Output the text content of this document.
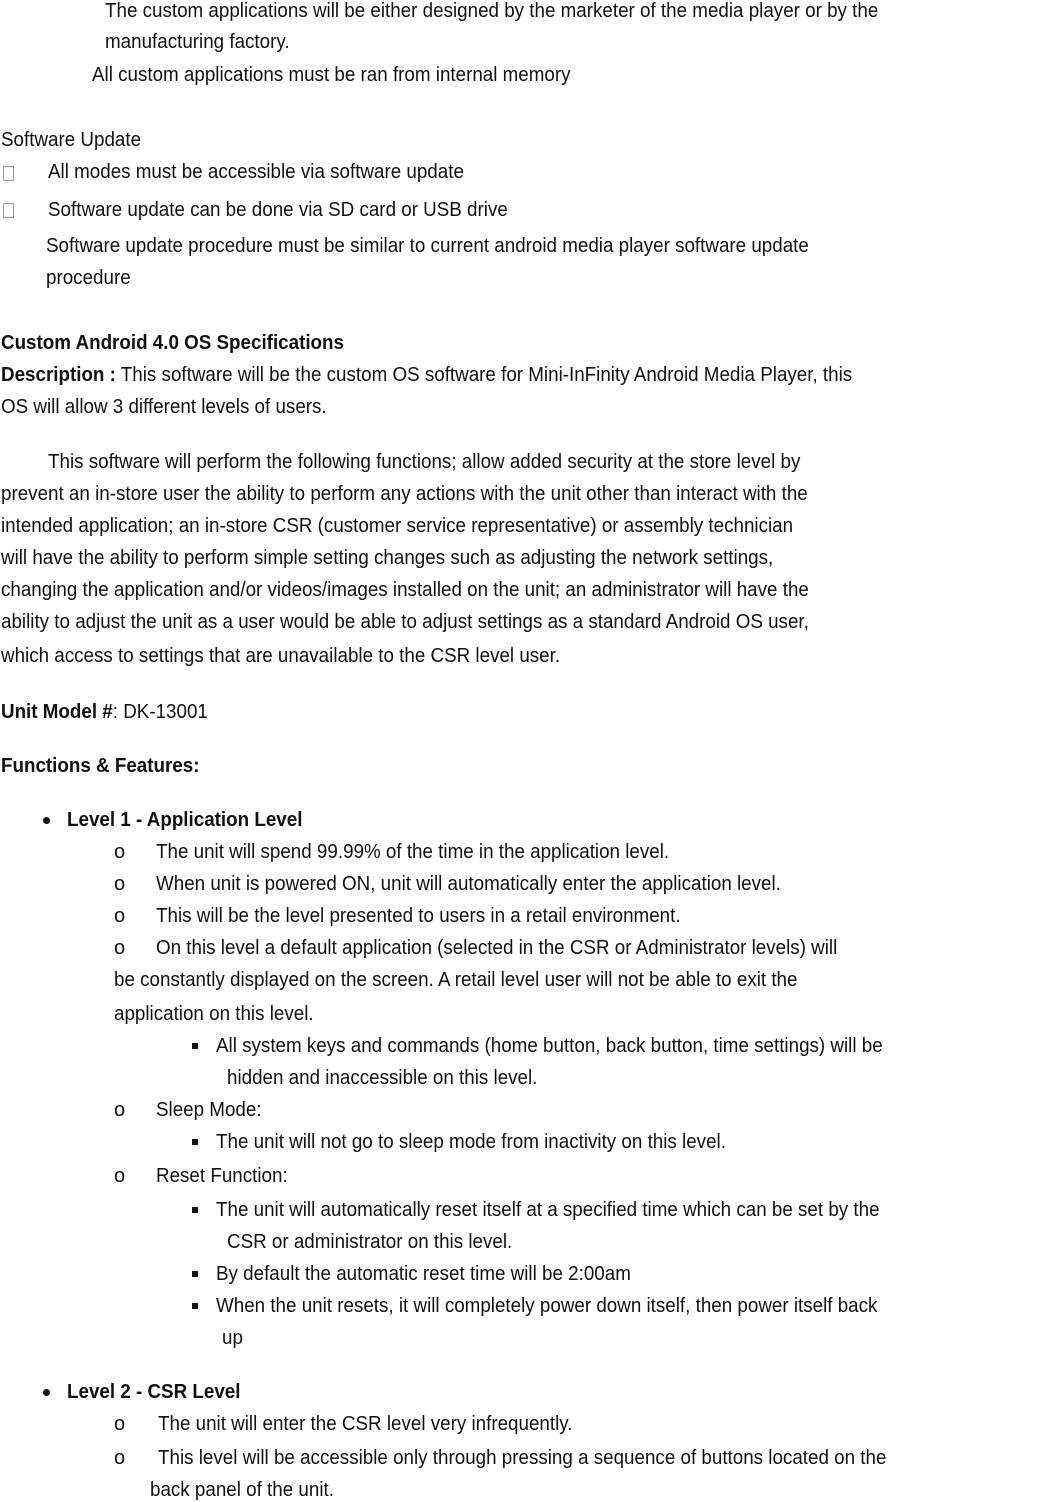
The custom applications will be either designed by the marketer of the media player or by the
manufacturing factory.
All custom applications must be ran from internal memory
Software Update
All modes must be accessible via software update
Software update can be done via SD card or USB drive
Software update procedure must be similar to current android media player software update
procedure
Custom Android 4.0 OS Specifications
Description : This software will be the custom OS software for Mini-InFinity Android Media Player, this
OS will allow 3 different levels of users.
This software will perform the following functions; allow added security at the store level by
prevent an in-store user the ability to perform any actions with the unit other than interact with the
intended application; an in-store CSR (customer service representative) or assembly technician
will have the ability to perform simple setting changes such as adjusting the network settings,
changing the application and/or videos/images installed on the unit; an administrator will have the
ability to adjust the unit as a user would be able to adjust settings as a standard Android OS user,
which access to settings that are unavailable to the CSR level user.
Unit Model #: DK-13001
Functions & Features:
Level 1 - Application Level
o The unit will spend 99.99% of the time in the application level.
o When unit is powered ON, unit will automatically enter the application level.
o This will be the level presented to users in a retail environment.
o On this level a default application (selected in the CSR or Administrator levels) will
be constantly displayed on the screen. A retail level user will not be able to exit the
application on this level.
All system keys and commands (home button, back button, time settings) will be
hidden and inaccessible on this level.
o Sleep Mode:
The unit will not go to sleep mode from inactivity on this level.
o Reset Function:
The unit will automatically reset itself at a specified time which can be set by the
CSR or administrator on this level.
By default the automatic reset time will be 2:00am
When the unit resets, it will completely power down itself, then power itself back
up
Level 2 - CSR Level
o The unit will enter the CSR level very infrequently.
o This level will be accessible only through pressing a sequence of buttons located on the
back panel of the unit.
